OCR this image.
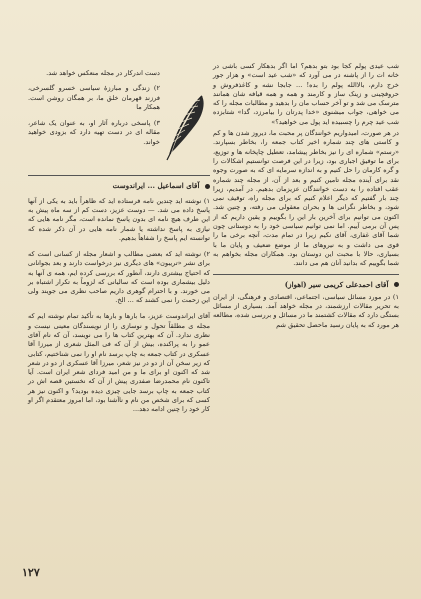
شب عیدی پولم کجا بود بتو بدهم؟ اما اگر بدهکار کسی باشی در خانه ات را از پاشنه در می آورد که «شب عید است» و هزار جور خرج دارم، بالاالله پولم را بده! ... جابجا نشه و کاغذفروش و حروفچینی و زینک ساز و کارمند و همه و همه قیافه شان همانند مترسک می شد و تو آخر حساب مان را بدهید و مطالبات مجله را که می خواهی، جواب میشنوی «خدا پدرتان را بیامرزد، گدا» شتابزده شب عید چرم را چسبیده اید پول می خواهید؟»

در هر صورت، امیدواریم خوانندگان پر محبت ما، دیروز شدن ها و کم و کاستی های چند شماره اخیر کتاب جمعه را، بخاطر بسپارند. «رستم» شماره ای را نیز بخاطر پیشامد، تعطیل چاپخانه ها و توزیع، برای ما توفیق اجباری بود، زیرا در این فرصت توانستیم اشکالات را و گره کارمان را حل کنیم و به اندازه سرمایه ای که به صورت وجوه نقد برای آینده مجله تامین کنیم و بعد از آن، از مجله چند شماره عقب افتاده را به دست خوانندگان عزیزمان بدهیم. در آمدیم، زیرا چند بار گفتیم که دیگر اعلام کنیم که برای مجله راه، توقیف نمی شود، و بخاطر نگرانی ها و بحران معقولی می رفته، و چنین شد. اکنون می توانیم برای آخرین بار این را بگوییم و یقین داریم که از پس آن برمی آییم. اما نمی توانیم سیاسی خود را به دوستانی چون شما آقای غفاری، آقای نکیم زیرا در تمام مدت، آنچه برخی ما را قوی می داشت و به نیروهای ما از موضع ضعیف و پایان ما با بسیاری، حالا با محبت این دوستان بود. همکاران مجله بخواهم به شما بگوییم که بدانید آنان هم می دانند.

آقای احمدعلی کریمی سیر (اهواز)

۱) در مورد مسائل سیاسی، اجتماعی، اقتصادی و فرهنگی، از ایران به تحریر مقالات ارزشمند، در مجله خواهد آمد. بسیاری از مسائل بستگی دارد که مقالات کشتمند ما در مسائل و بررسی شده، مطالعه هر مورد که به پایان رسید ماحصل تحقیق شم

دست اندرکار در مجله منعکس خواهد شد.

۲) زندگی و مبارزهٔ سیاسی خسرو گلسرخی، فرزند قهرمان خلق ما، بر همگان روشن است. همکار ما

۳) پاسخی درباره آثار او، به عنوان یک شاعر، مقاله ای در دست تهیه دارد که بزودی خواهید خواند.

آقای اسماعیل ... ایراندوست

۱) نوشته اید چندین نامه فرستاده اید که ظاهراً باید به یکی از آنها پاسخ داده می شد. — دوست عزیز، دست کم از سه ماه پیش به این طرف هیچ نامه ای بدون پاسخ نمانده است، مگر نامه هایی که نیازی به پاسخ نداشته یا شمار نامه هایی در آن ذکر شده که توانسته ایم پاسخ را شفاهاً بدهیم.

۲) نوشته اید که بعضی مطالب و اشعار مجله از کسانی است که برای نشر «تریبون» های دیگری نیز درخواست دارند و بعد بجوانانی که احتیاج بیشتری دارند، آنطور که بررسی کرده ایم، همه ی آنها به دلیل بیشماری بوده است که سالیانی که لزوماً به تکرار اشتباه بر می خورند. و با احترام گوهری داریم صاحب نظری می جویند ولی این زحمت را نمی کشند که ... الخ.

آقای ایراندوست عزیز، ما بارها و بارها به تأکید تمام نوشته ایم که مجله ی مطلقاً تحول و نوسازی را از نویسندگان معینی نیست و نظری ندارد. آن که بهترین کتاب ها را می نویسد، آن که نام آقای عمو را به پراکنده، بیش از آن که فی المثل شعری از میرزا آقا عسکری در کتاب جمعه به چاپ برسد نام او را نمی شناختیم، کتابی که زیر سخن آن از دو در نیز شعر، میرزا آقا عسکری از دو در شعر شد که اکنون او برای ما و من امید فردای شعر ایران است. آیا تاکنون نام محمدرضا صفدری پیش از آن که نخستین قصه اش در کتاب جمعه به چاپ برسد جایی چیزی دیده بودید؟ و اکنون نیز هر کسی که برای شخص من نام و ناآشنا بود، اما امروز معتقدم اگر او کار خود را چنین ادامه دهد...

۱۲۷
